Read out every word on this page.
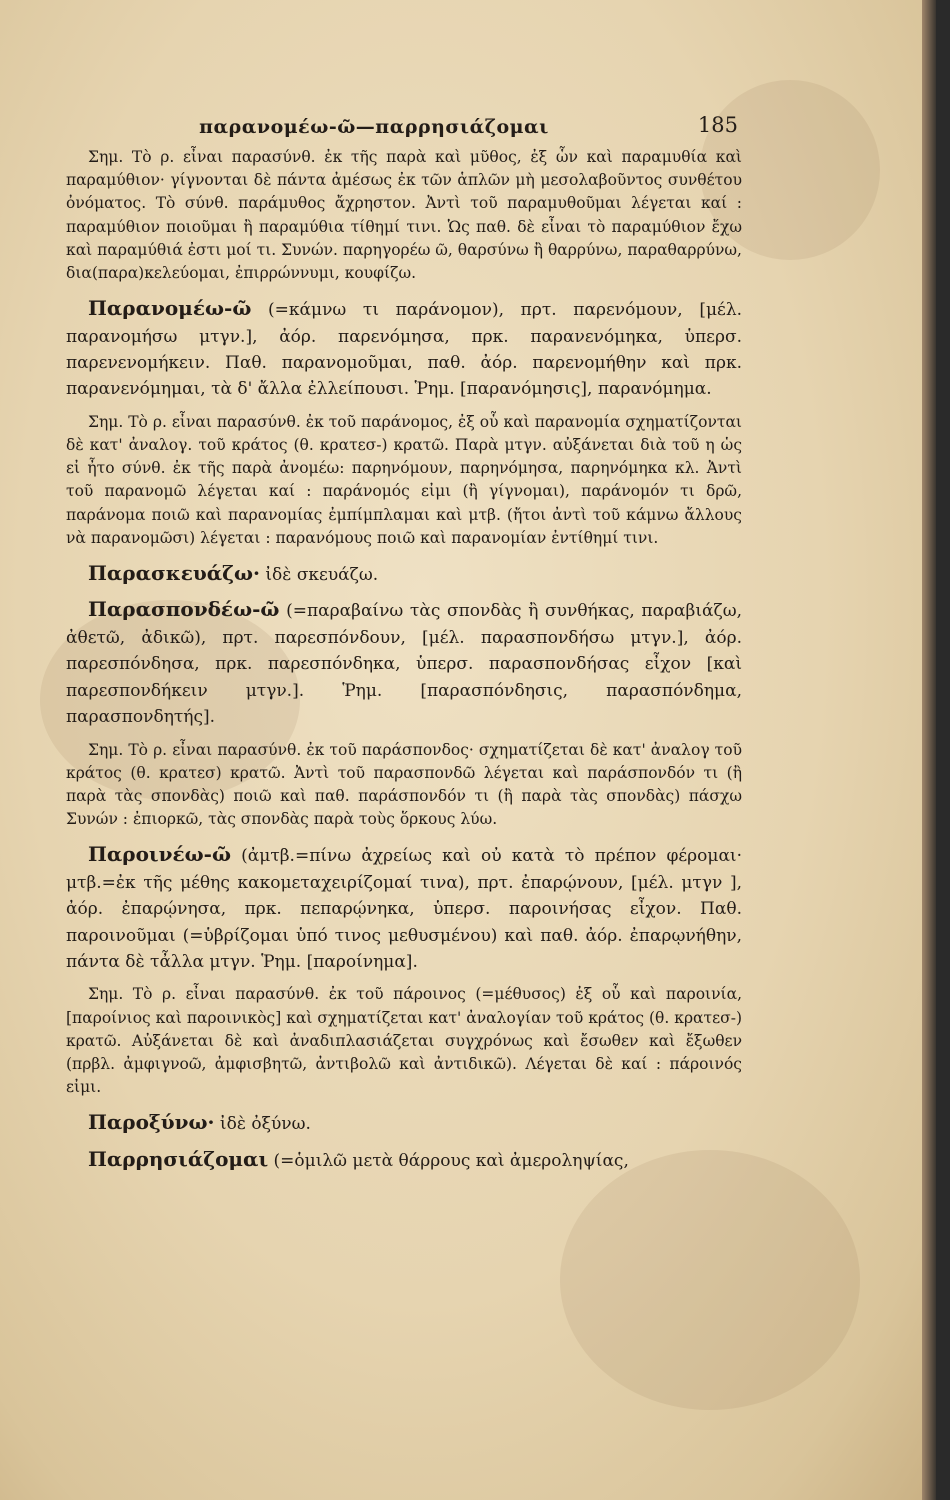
παρανομέω-ῶ—παρρησιάζομαι	185

Σημ. Τὸ ρ. εἶναι παρασύνθ. ἐκ τῆς παρὰ καὶ μῦθος, ἐξ ὧν καὶ παραμυθία καὶ παραμύθιον· γίγνονται δὲ πάντα ἀμέσως ἐκ τῶν ἁπλῶν μὴ μεσολαβοῦντος συνθέτου ὀνόματος. Τὸ σύνθ. παράμυθος ἄχρηστον. Ἀντὶ τοῦ παραμυθοῦμαι λέγεται καί : παραμύθιον ποιοῦμαι ἢ παραμύθια τίθημί τινι. Ὡς παθ. δὲ εἶναι τὸ παραμύθιον ἔχω καὶ παραμύθιά ἐστι μοί τι. Συνών. παρηγορέω ῶ, θαρσύνω ἢ θαρρύνω, παραθαρρύνω, δια(παρα)κελεύομαι, ἐπιρρώννυμι, κουφίζω.

Παρανομέω-ῶ (=κάμνω τι παράνομον), πρτ. παρενόμουν, [μέλ. παρανομήσω μτγν.], ἀόρ. παρενόμησα, πρκ. παρανενόμηκα, ὑπερσ. παρενενομήκειν. Παθ. παρανομοῦμαι, παθ. ἀόρ. παρενομήθην καὶ πρκ. παρανενόμημαι, τὰ δ' ἄλλα ἐλλείπουσι. Ῥημ. [παρανόμησις], παρανόμημα.

Σημ. Τὸ ρ. εἶναι παρασύνθ. ἐκ τοῦ παράνομος, ἐξ οὗ καὶ παρανομία σχηματίζονται δὲ κατ' ἀναλογ. τοῦ κράτος (θ. κρατεσ-) κρατῶ. Παρὰ μτγν. αὐξάνεται διὰ τοῦ η ὡς εἰ ἦτο σύνθ. ἐκ τῆς παρὰ ἀνομέω: παρηνόμουν, παρηνόμησα, παρηνόμηκα κλ. Ἀντὶ τοῦ παρανομῶ λέγεται καί : παράνομός εἰμι (ἢ γίγνομαι), παράνομόν τι δρῶ, παράνομα ποιῶ καὶ παρανομίας ἐμπίμπλαμαι καὶ μτβ. (ἤτοι ἀντὶ τοῦ κάμνω ἄλλους νὰ παρανομῶσι) λέγεται : παρανόμους ποιῶ καὶ παρανομίαν ἐντίθημί τινι.

Παρασκευάζω· ἰδὲ σκευάζω.

Παρασπονδέω-ῶ (=παραβαίνω τὰς σπονδὰς ἢ συνθήκας, παραβιάζω, ἀθετῶ, ἀδικῶ), πρτ. παρεσπόνδουν, [μέλ. παρασπονδήσω μτγν.], ἀόρ. παρεσπόνδησα, πρκ. παρεσπόνδηκα, ὑπερσ. παρασπονδήσας εἶχον [καὶ παρεσπονδήκειν μτγν.]. Ῥημ. [παρασπόνδησις, παρασπόνδημα, παρασπονδητής].

Σημ. Τὸ ρ. εἶναι παρασύνθ. ἐκ τοῦ παράσπονδος· σχηματίζεται δὲ κατ' ἀναλογ τοῦ κράτος (θ. κρατεσ) κρατῶ. Ἀντὶ τοῦ παρασπονδῶ λέγεται καὶ παράσπονδόν τι (ἢ παρὰ τὰς σπονδὰς) ποιῶ καὶ παθ. παράσπονδόν τι (ἢ παρὰ τὰς σπονδὰς) πάσχω Συνών : ἐπιορκῶ, τὰς σπονδὰς παρὰ τοὺς ὅρκους λύω.

Παροινέω-ῶ (ἀμτβ.=πίνω ἀχρείως καὶ οὐ κατὰ τὸ πρέπον φέρομαι· μτβ.=ἐκ τῆς μέθης κακομεταχειρίζομαί τινα), πρτ. ἐπαρῴνουν, [μέλ. μτγν ], ἀόρ. ἐπαρῴνησα, πρκ. πεπαρῴνηκα, ὑπερσ. παροινήσας εἶχον. Παθ. παροινοῦμαι (=ὑβρίζομαι ὑπό τινος μεθυσμένου) καὶ παθ. ἀόρ. ἐπαρῳνήθην, πάντα δὲ τἆλλα μτγν. Ῥημ. [παροίνημα].

Σημ. Τὸ ρ. εἶναι παρασύνθ. ἐκ τοῦ πάροινος (=μέθυσος) ἐξ οὗ καὶ παροινία, [παροίνιος καὶ παροινικὸς] καὶ σχηματίζεται κατ' ἀναλογίαν τοῦ κράτος (θ. κρατεσ-) κρατῶ. Αὐξάνεται δὲ καὶ ἀναδιπλασιάζεται συγχρόνως καὶ ἔσωθεν καὶ ἔξωθεν (πρβλ. ἀμφιγνοῶ, ἀμφισβητῶ, ἀντιβολῶ καὶ ἀντιδικῶ). Λέγεται δὲ καί : πάροινός εἰμι.

Παροξύνω· ἰδὲ ὀξύνω.

Παρρησιάζομαι (=ὁμιλῶ μετὰ θάρρους καὶ ἀμεροληψίας,
